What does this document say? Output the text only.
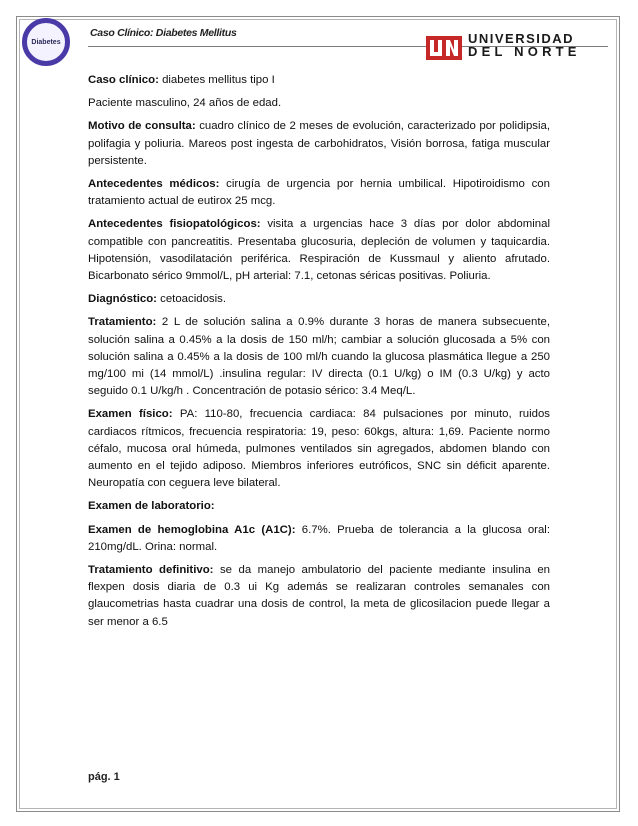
Diabetes
Caso Clínico: Diabetes Mellitus	UNIVERSIDAD
DEL NORTE

Caso clínico: diabetes mellitus tipo I

Paciente masculino, 24 años de edad.

Motivo de consulta: cuadro clínico de 2 meses de evolución, caracterizado por polidipsia, polifagia y poliuria. Mareos post ingesta de carbohidratos, Visión borrosa, fatiga muscular persistente.

Antecedentes médicos: cirugía de urgencia por hernia umbilical. Hipotiroidismo con tratamiento actual de eutirox 25 mcg.

Antecedentes fisiopatológicos: visita a urgencias hace 3 días por dolor abdominal compatible con pancreatitis. Presentaba glucosuria, depleción de volumen y taquicardia. Hipotensión, vasodilatación periférica. Respiración de Kussmaul y aliento afrutado. Bicarbonato sérico 9mmol/L, pH arterial: 7.1, cetonas séricas positivas. Poliuria.

Diagnóstico: cetoacidosis.

Tratamiento: 2 L de solución salina a 0.9% durante 3 horas de manera subsecuente, solución salina a 0.45% a la dosis de 150 ml/h; cambiar a solución glucosada a 5% con solución salina a 0.45% a la dosis de 100 ml/h cuando la glucosa plasmática llegue a 250 mg/100 mi (14 mmol/L) .insulina regular: IV directa (0.1 U/kg) o IM (0.3 U/kg) y acto seguido 0.1 U/kg/h . Concentración de potasio sérico: 3.4 Meq/L.

Examen físico: PA: 110-80, frecuencia cardiaca: 84 pulsaciones por minuto, ruidos cardiacos rítmicos, frecuencia respiratoria: 19, peso: 60kgs, altura: 1,69. Paciente normo céfalo, mucosa oral húmeda, pulmones ventilados sin agregados, abdomen blando con aumento en el tejido adiposo. Miembros inferiores eutróficos, SNC sin déficit aparente. Neuropatía con ceguera leve bilateral.

Examen de laboratorio:

Examen de hemoglobina A1c (A1C): 6.7%. Prueba de tolerancia a la glucosa oral: 210mg/dL. Orina: normal.

Tratamiento definitivo: se da manejo ambulatorio del paciente mediante insulina en flexpen dosis diaria de 0.3 ui Kg además se realizaran controles semanales con glaucometrias hasta cuadrar una dosis de control, la meta de glicosilacion puede llegar a ser menor a 6.5

pág. 1
